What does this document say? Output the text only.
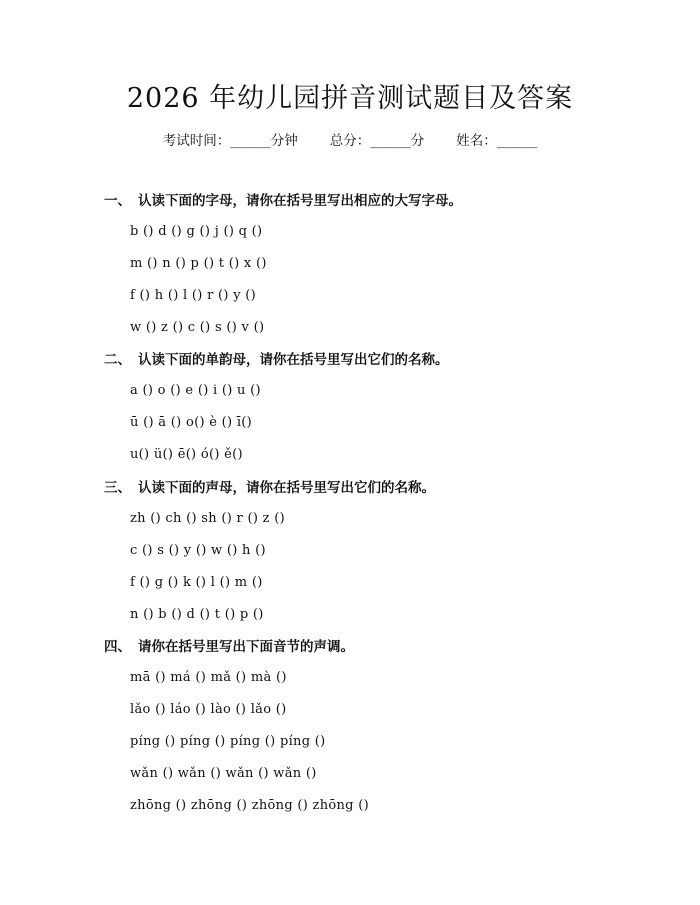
2026 年幼儿园拼音测试题目及答案
考试时间：______分钟 总分：______分 姓名：______
一、 认读下面的字母，请你在括号里写出相应的大写字母。
b () d () g () j () q ()
m () n () p () t () x ()
f () h () l () r () y ()
w () z () c () s () v ()
二、 认读下面的单韵母，请你在括号里写出它们的名称。
a () o () e () i () u ()
ū () ā () o() è () ī()
u() ü() ē() ó() ě()
三、 认读下面的声母，请你在括号里写出它们的名称。
zh () ch () sh () r () z ()
c () s () y () w () h ()
f () g () k () l () m ()
n () b () d () t () p ()
四、 请你在括号里写出下面音节的声调。
mā () má () mǎ () mà ()
lǎo () láo () lào () lǎo ()
píng () píng () píng () píng ()
wǎn () wǎn () wǎn () wǎn ()
zhōng () zhōng () zhōng () zhōng ()
